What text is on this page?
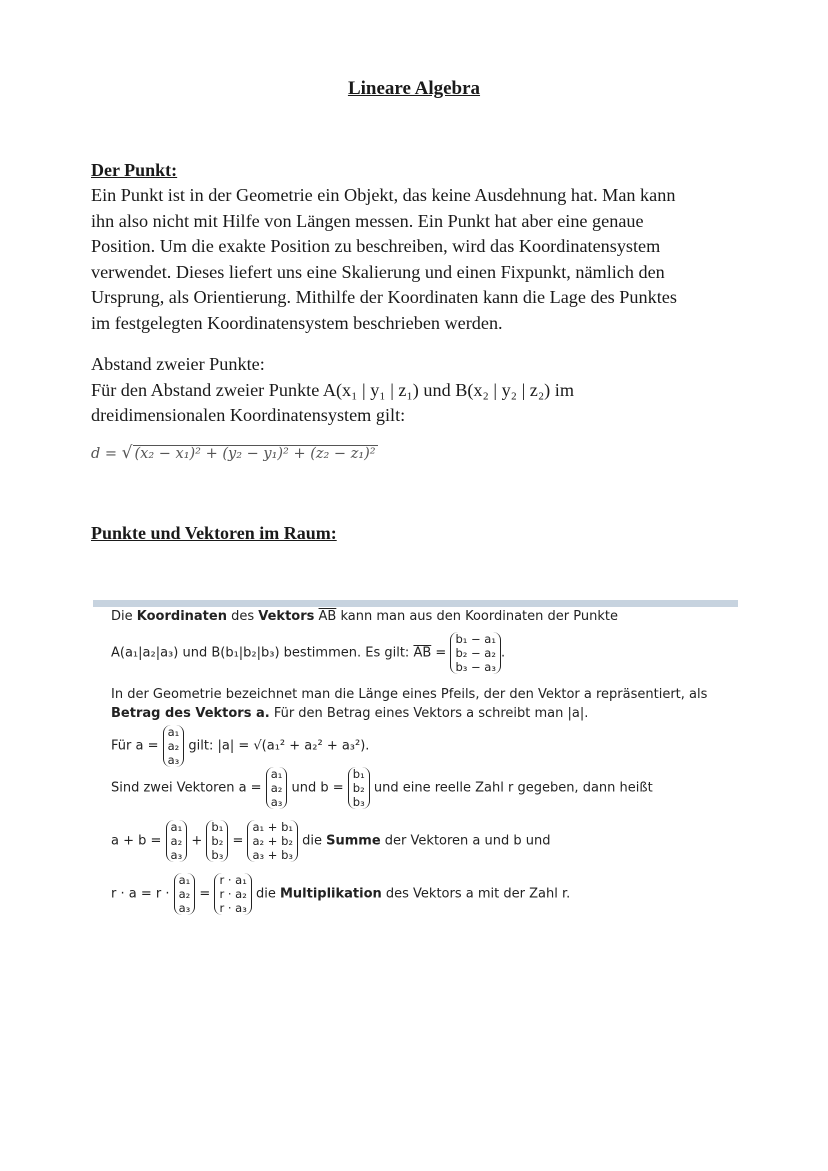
Lineare Algebra
Der Punkt:
Ein Punkt ist in der Geometrie ein Objekt, das keine Ausdehnung hat. Man kann
ihn also nicht mit Hilfe von Längen messen. Ein Punkt hat aber eine genaue
Position. Um die exakte Position zu beschreiben, wird das Koordinatensystem
verwendet. Dieses liefert uns eine Skalierung und einen Fixpunkt, nämlich den
Ursprung, als Orientierung. Mithilfe der Koordinaten kann die Lage des Punktes
im festgelegten Koordinatensystem beschrieben werden.
Abstand zweier Punkte:
Für den Abstand zweier Punkte A(x₁ | y₁ | z₁) und B(x₂ | y₂ | z₂) im
dreidimensionalen Koordinatensystem gilt:
d = √ (x₂ − x₁)² + (y₂ − y₁)² + (z₂ − z₁)²
Punkte und Vektoren im Raum:
Die Koordinaten des Vektors $\overline{AB}$ kann man aus den Koordinaten der Punkte
A(a₁|a₂|a₃) und B(b₁|b₂|b₃) bestimmen. Es gilt: $\overline{AB}$ =
b₁ − a₁
b₂ − a₂
b₃ − a₃
.
In der Geometrie bezeichnet man die Länge eines Pfeils, der den Vektor a repräsentiert, als
Betrag des Vektors a. Für den Betrag eines Vektors a schreibt man |a|.
Für a =
a₁
a₂
a₃
gilt: |a| = √(a₁² + a₂² + a₃²).
Sind zwei Vektoren a =
a₁
a₂
a₃
und b =
b₁
b₂
b₃
und eine reelle Zahl r gegeben, dann heißt
a + b =
a₁
a₂
a₃
+
b₁
b₂
b₃
=
a₁ + b₁
a₂ + b₂
a₃ + b₃
die Summe der Vektoren a und b und
r · a = r ·
a₁
a₂
a₃
=
r · a₁
r · a₂
r · a₃
die Multiplikation des Vektors a mit der Zahl r.
